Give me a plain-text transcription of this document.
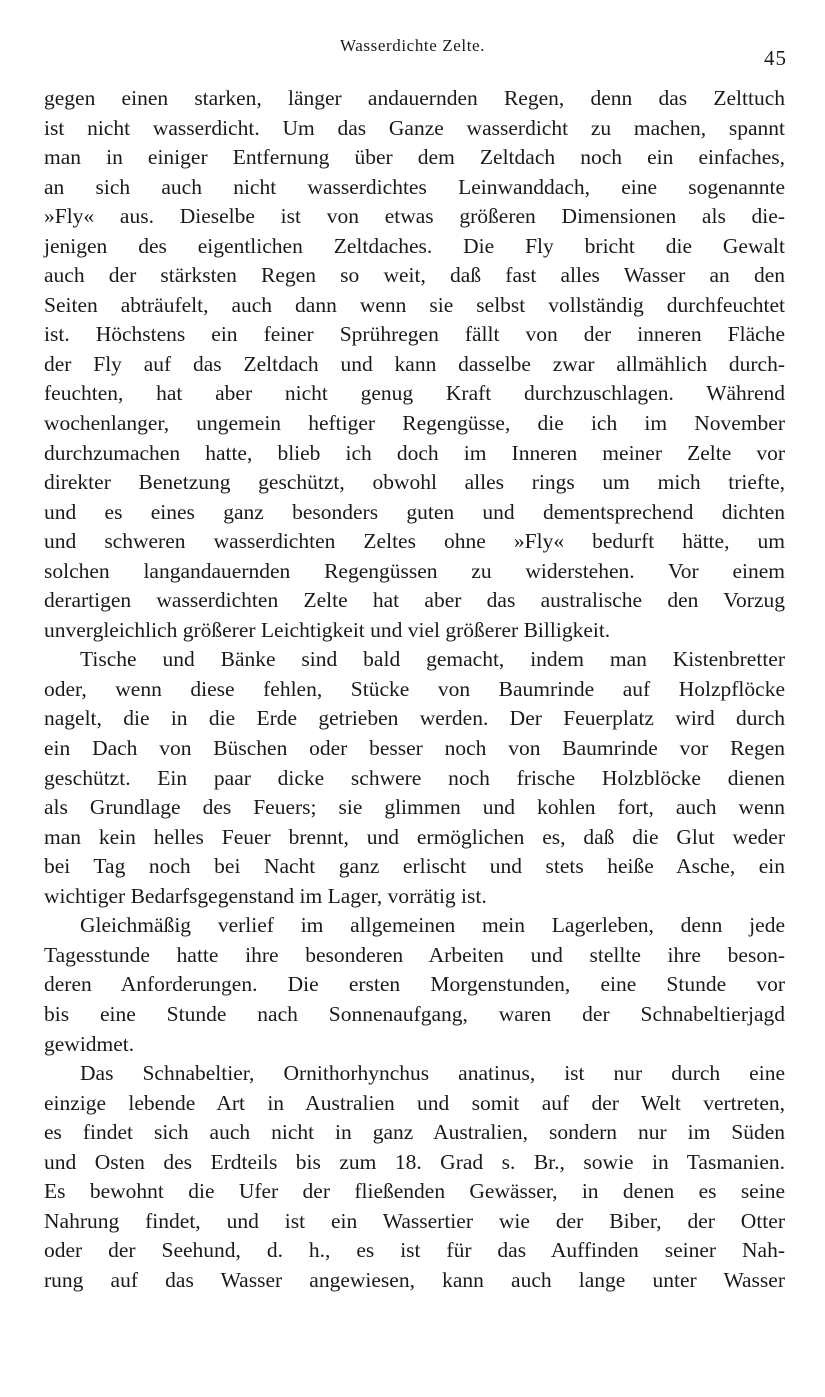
Wasserdichte Zelte.
45
gegen einen starken, länger andauernden Regen, denn das Zelttuch
ist nicht wasserdicht. Um das Ganze wasserdicht zu machen, spannt
man in einiger Entfernung über dem Zeltdach noch ein einfaches,
an sich auch nicht wasserdichtes Leinwanddach, eine sogenannte
»Fly« aus. Dieselbe ist von etwas größeren Dimensionen als die-
jenigen des eigentlichen Zeltdaches. Die Fly bricht die Gewalt
auch der stärksten Regen so weit, daß fast alles Wasser an den
Seiten abträufelt, auch dann wenn sie selbst vollständig durchfeuchtet
ist. Höchstens ein feiner Sprühregen fällt von der inneren Fläche
der Fly auf das Zeltdach und kann dasselbe zwar allmählich durch-
feuchten, hat aber nicht genug Kraft durchzuschlagen. Während
wochenlanger, ungemein heftiger Regengüsse, die ich im November
durchzumachen hatte, blieb ich doch im Inneren meiner Zelte vor
direkter Benetzung geschützt, obwohl alles rings um mich triefte,
und es eines ganz besonders guten und dementsprechend dichten
und schweren wasserdichten Zeltes ohne »Fly« bedurft hätte, um
solchen langandauernden Regengüssen zu widerstehen. Vor einem
derartigen wasserdichten Zelte hat aber das australische den Vorzug
unvergleichlich größerer Leichtigkeit und viel größerer Billigkeit.
Tische und Bänke sind bald gemacht, indem man Kistenbretter
oder, wenn diese fehlen, Stücke von Baumrinde auf Holzpflöcke
nagelt, die in die Erde getrieben werden. Der Feuerplatz wird durch
ein Dach von Büschen oder besser noch von Baumrinde vor Regen
geschützt. Ein paar dicke schwere noch frische Holzblöcke dienen
als Grundlage des Feuers; sie glimmen und kohlen fort, auch wenn
man kein helles Feuer brennt, und ermöglichen es, daß die Glut weder
bei Tag noch bei Nacht ganz erlischt und stets heiße Asche, ein
wichtiger Bedarfsgegenstand im Lager, vorrätig ist.
Gleichmäßig verlief im allgemeinen mein Lagerleben, denn jede
Tagesstunde hatte ihre besonderen Arbeiten und stellte ihre beson-
deren Anforderungen. Die ersten Morgenstunden, eine Stunde vor
bis eine Stunde nach Sonnenaufgang, waren der Schnabeltierjagd
gewidmet.
Das Schnabeltier, Ornithorhynchus anatinus, ist nur durch eine
einzige lebende Art in Australien und somit auf der Welt vertreten,
es findet sich auch nicht in ganz Australien, sondern nur im Süden
und Osten des Erdteils bis zum 18. Grad s. Br., sowie in Tasmanien.
Es bewohnt die Ufer der fließenden Gewässer, in denen es seine
Nahrung findet, und ist ein Wassertier wie der Biber, der Otter
oder der Seehund, d. h., es ist für das Auffinden seiner Nah-
rung auf das Wasser angewiesen, kann auch lange unter Wasser
